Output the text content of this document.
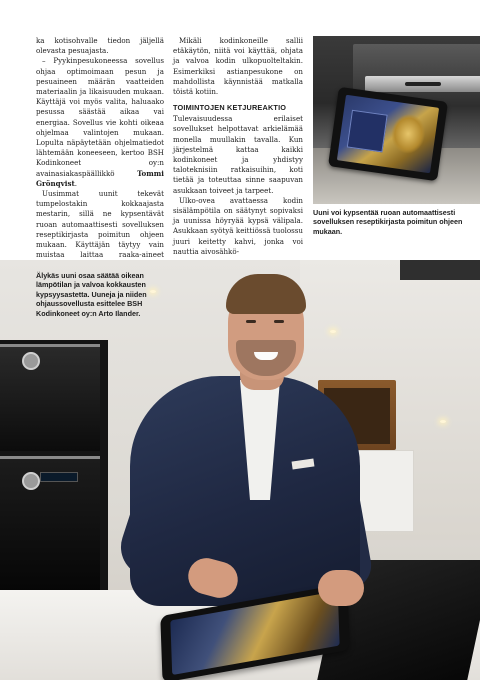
ka kotisohvalle tiedon jäljellä olevasta pesuajasta.

– Pyykinpesukoneessa sovellus ohjaa optimoimaan pesun ja pesuaineen määrän vaatteiden materiaalin ja likaisuuden mukaan. Käyttäjä voi myös valita, haluaako pesussa säästää aikaa vai energiaa. Sovellus vie kohti oikeaa ohjelmaa valintojen mukaan. Lopulta näpäytetään ohjelmatiedot lähtemään koneeseen, kertoo BSH Kodinkoneet oy:n avainasiakaspäällikkö	Tommi Grönqvist.

Uusimmat uunit tekevät tumpelostakin kokkaajasta mestarin, sillä ne kypsentävät ruoan automaattisesti sovelluksen reseptikirjasta poimitun ohjeen mukaan. Käyttäjän täytyy vain muistaa laittaa raaka-aineet

Mikäli kodinkoneille sallii etäkäytön, niitä voi käyttää, ohjata ja valvoa kodin ulkopuolteltakin. Esimerkiksi astianpesukone on mahdollista käynnistää matkalla töistä kotiin.

TOIMINTOJEN KETJUREAKTIO

Tulevaisuudessa erilaiset sovellukset helpottavat arkielämää monella muullakin tavalla. Kun järjestelmä kattaa kaikki kodinkoneet ja yhdistyy taloteknisiin ratkaisuihin, koti tietää ja toteuttaa sinne saapuvan asukkaan toiveet ja tarpeet.

Ulko-ovea avattaessa kodin sisälämpötila on säätynyt sopivaksi ja uunissa höyryää kypsä välipala. Asukkaan syötyä keittiössä tuolossu juuri keitetty kahvi, jonka voi nauttia aivosähkö-

Uuni voi kypsentää ruoan automaattisesti sovelluksen reseptikirjasta poimitun ohjeen mukaan.
Älykäs uuni osaa säätää oikean lämpötilan ja valvoa kokkausten kypsyysastetta. Uuneja ja niiden ohjaussovellusta esittelee BSH Kodinkoneet oy:n Arto Ilander.
